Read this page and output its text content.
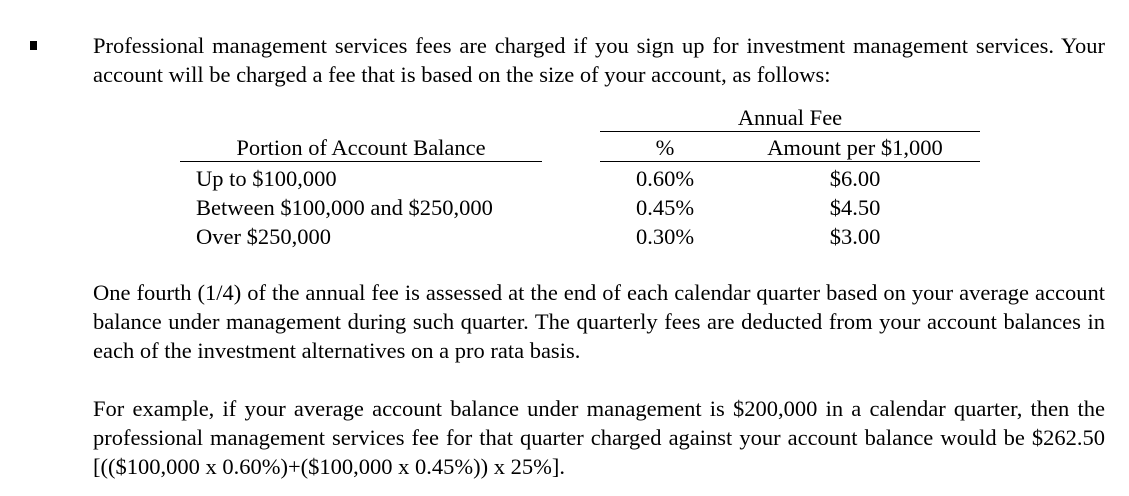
Professional management services fees are charged if you sign up for investment management services. Your account will be charged a fee that is based on the size of your account, as follows:
Annual Fee
Portion of Account Balance	%	Amount per $1,000
Up to $100,000	0.60%	$6.00
Between $100,000 and $250,000	0.45%	$4.50
Over $250,000	0.30%	$3.00
One fourth (1/4) of the annual fee is assessed at the end of each calendar quarter based on your average account balance under management during such quarter. The quarterly fees are deducted from your account balances in each of the investment alternatives on a pro rata basis.
For example, if your average account balance under management is $200,000 in a calendar quarter, then the professional management services fee for that quarter charged against your account balance would be $262.50 [(($100,000 x 0.60%)+($100,000 x 0.45%)) x 25%].
